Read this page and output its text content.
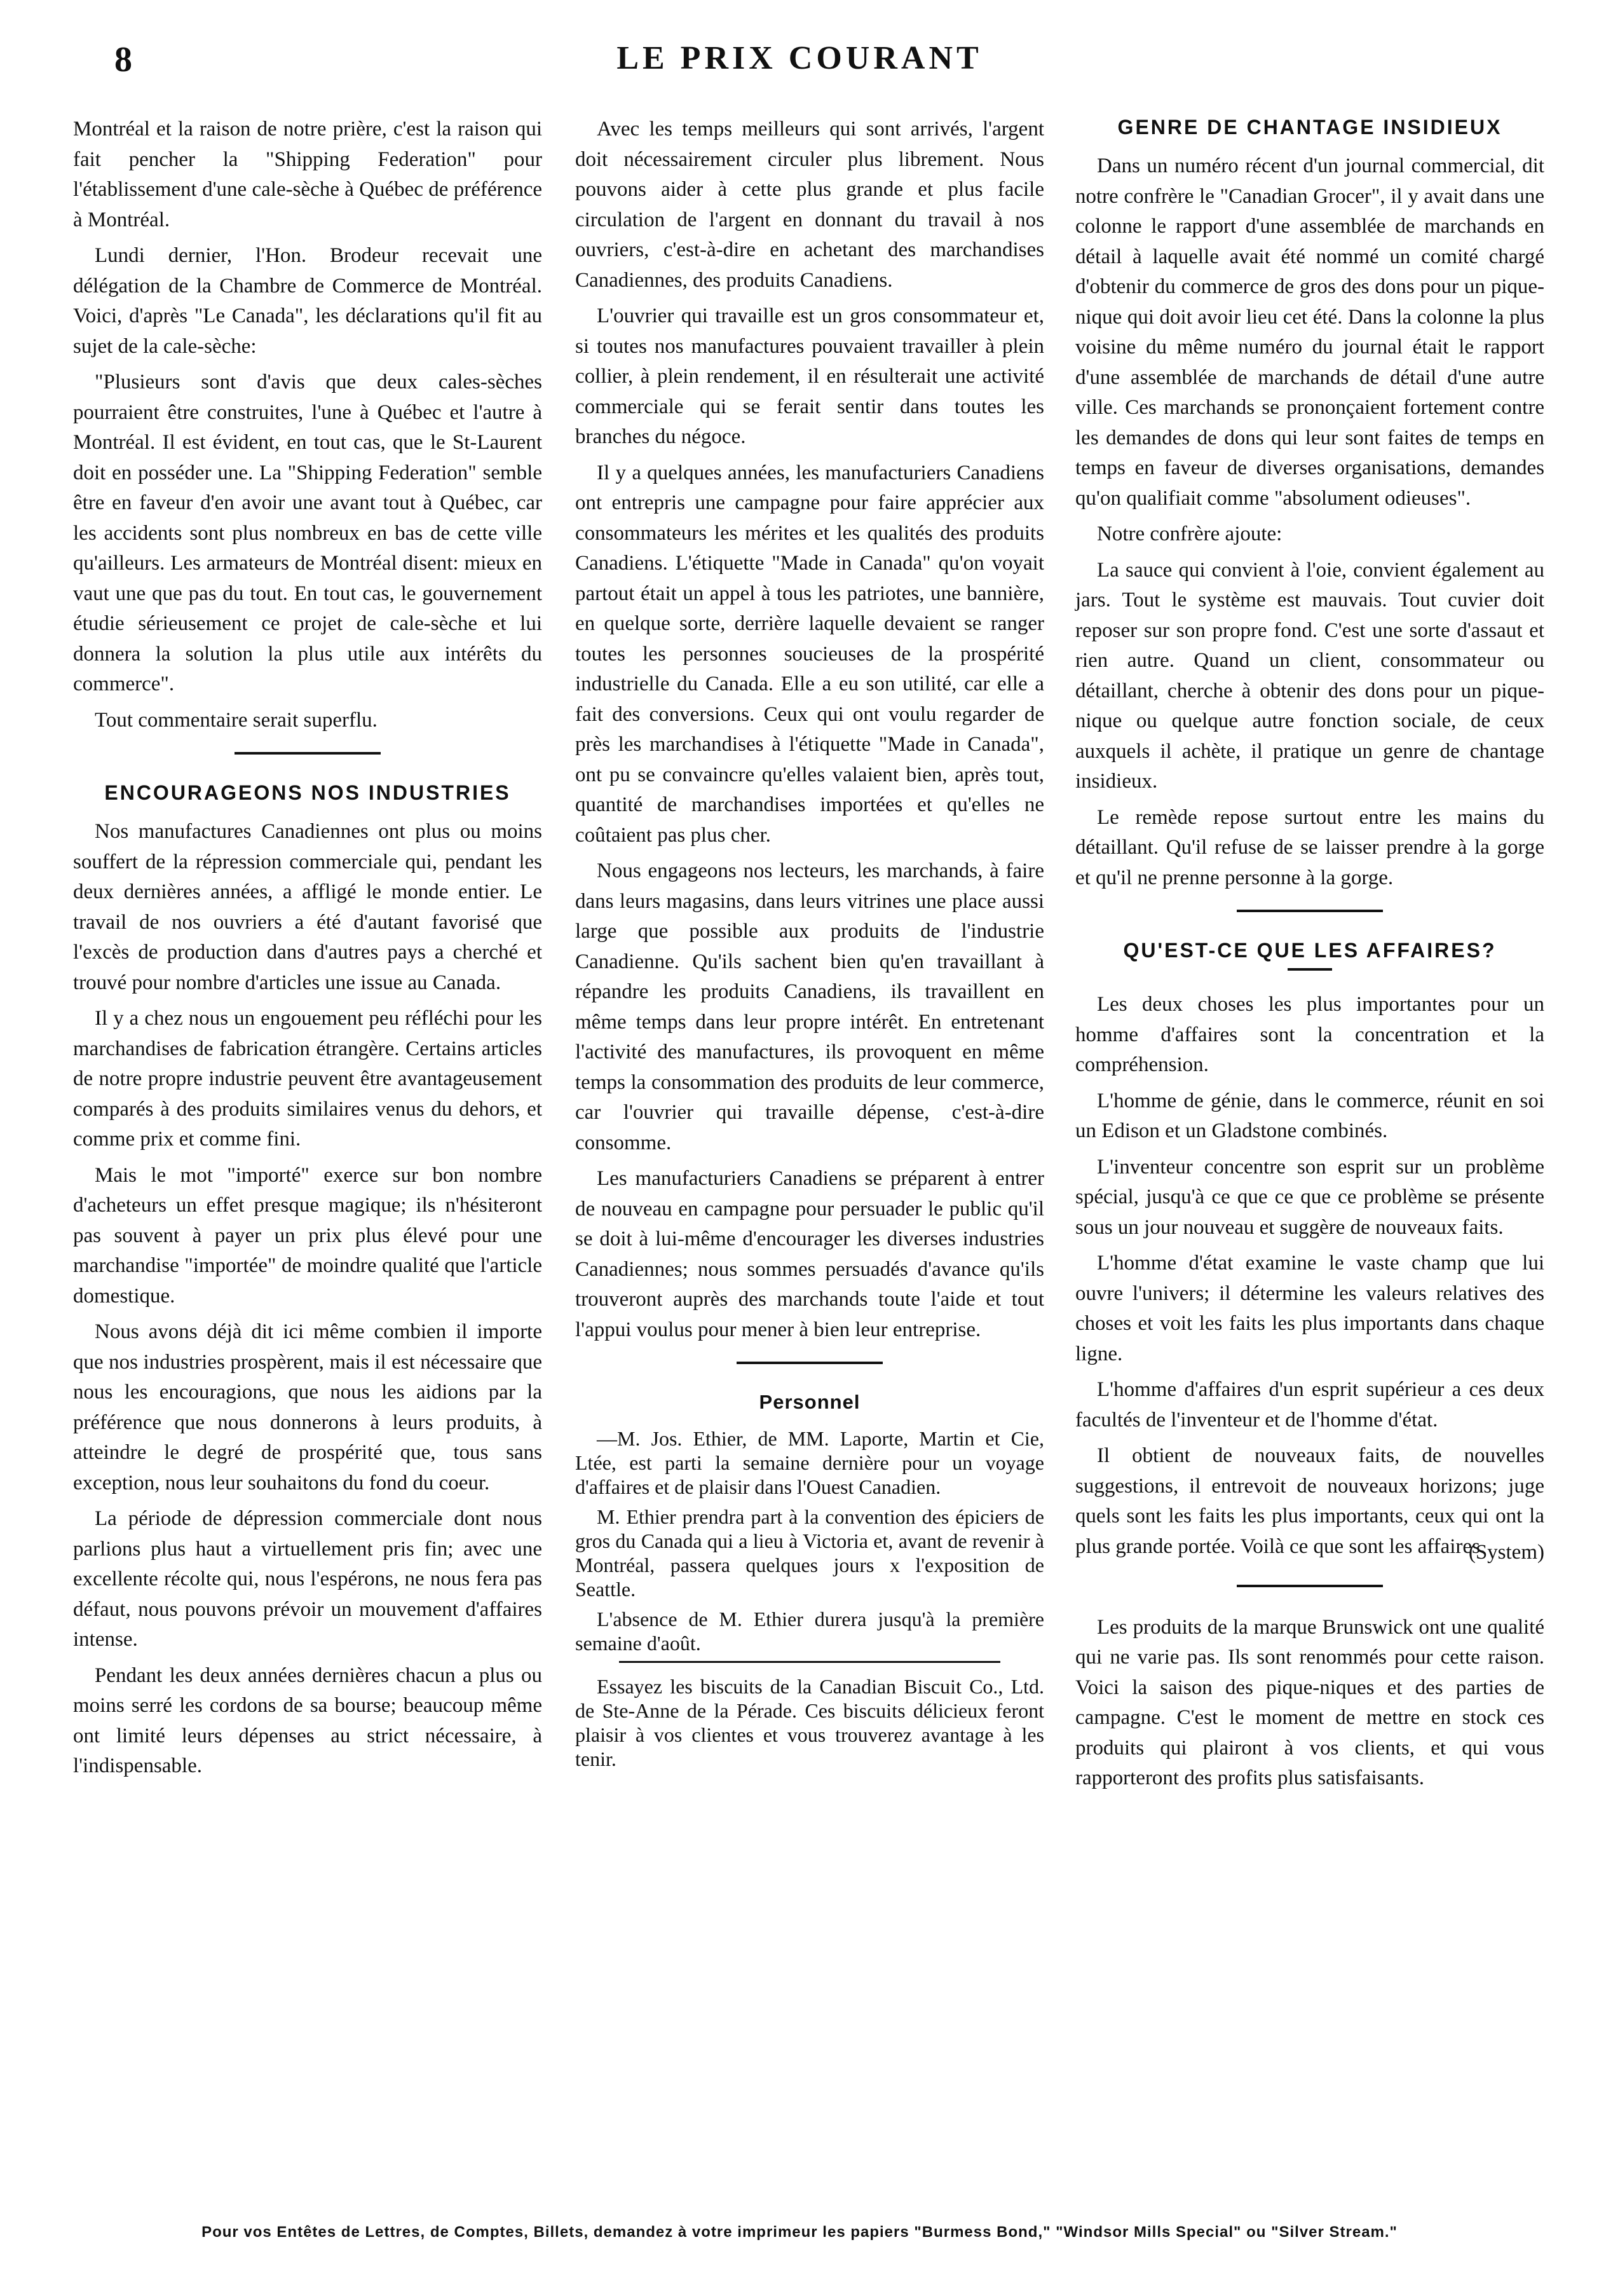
8	LE PRIX COURANT

Montréal et la raison de notre prière, c'est la raison qui fait pencher la "Shipping Federation" pour l'établissement d'une cale-sèche à Québec de préférence à Montréal.

Lundi dernier, l'Hon. Brodeur recevait une délégation de la Chambre de Commerce de Montréal. Voici, d'après "Le Canada", les déclarations qu'il fit au sujet de la cale-sèche:

"Plusieurs sont d'avis que deux cales-sèches pourraient être construites, l'une à Québec et l'autre à Montréal. Il est évident, en tout cas, que le St-Laurent doit en posséder une. La "Shipping Federation" semble être en faveur d'en avoir une avant tout à Québec, car les accidents sont plus nombreux en bas de cette ville qu'ailleurs. Les armateurs de Montréal disent: mieux en vaut une que pas du tout. En tout cas, le gouvernement étudie sérieusement ce projet de cale-sèche et lui donnera la solution la plus utile aux intérêts du commerce".

Tout commentaire serait superflu.

ENCOURAGEONS NOS INDUSTRIES

Nos manufactures Canadiennes ont plus ou moins souffert de la répression commerciale qui, pendant les deux dernières années, a affligé le monde entier. Le travail de nos ouvriers a été d'autant favorisé que l'excès de production dans d'autres pays a cherché et trouvé pour nombre d'articles une issue au Canada.

Il y a chez nous un engouement peu réfléchi pour les marchandises de fabrication étrangère. Certains articles de notre propre industrie peuvent être avantageusement comparés à des produits similaires venus du dehors, et comme prix et comme fini.

Mais le mot "importé" exerce sur bon nombre d'acheteurs un effet presque magique; ils n'hésiteront pas souvent à payer un prix plus élevé pour une marchandise "importée" de moindre qualité que l'article domestique.

Nous avons déjà dit ici même combien il importe que nos industries prospèrent, mais il est nécessaire que nous les encouragions, que nous les aidions par la préférence que nous donnerons à leurs produits, à atteindre le degré de prospérité que, tous sans exception, nous leur souhaitons du fond du coeur.

La période de dépression commerciale dont nous parlions plus haut a virtuellement pris fin; avec une excellente récolte qui, nous l'espérons, ne nous fera pas défaut, nous pouvons prévoir un mouvement d'affaires intense.

Pendant les deux années dernières chacun a plus ou moins serré les cordons de sa bourse; beaucoup même ont limité leurs dépenses au strict nécessaire, à l'indispensable.

Avec les temps meilleurs qui sont arrivés, l'argent doit nécessairement circuler plus librement. Nous pouvons aider à cette plus grande et plus facile circulation de l'argent en donnant du travail à nos ouvriers, c'est-à-dire en achetant des marchandises Canadiennes, des produits Canadiens.

L'ouvrier qui travaille est un gros consommateur et, si toutes nos manufactures pouvaient travailler à plein collier, à plein rendement, il en résulterait une activité commerciale qui se ferait sentir dans toutes les branches du négoce.

Il y a quelques années, les manufacturiers Canadiens ont entrepris une campagne pour faire apprécier aux consommateurs les mérites et les qualités des produits Canadiens. L'étiquette "Made in Canada" qu'on voyait partout était un appel à tous les patriotes, une bannière, en quelque sorte, derrière laquelle devaient se ranger toutes les personnes soucieuses de la prospérité industrielle du Canada. Elle a eu son utilité, car elle a fait des conversions. Ceux qui ont voulu regarder de près les marchandises à l'étiquette "Made in Canada", ont pu se convaincre qu'elles valaient bien, après tout, quantité de marchandises importées et qu'elles ne coûtaient pas plus cher.

Nous engageons nos lecteurs, les marchands, à faire dans leurs magasins, dans leurs vitrines une place aussi large que possible aux produits de l'industrie Canadienne. Qu'ils sachent bien qu'en travaillant à répandre les produits Canadiens, ils travaillent en même temps dans leur propre intérêt. En entretenant l'activité des manufactures, ils provoquent en même temps la consommation des produits de leur commerce, car l'ouvrier qui travaille dépense, c'est-à-dire consomme.

Les manufacturiers Canadiens se préparent à entrer de nouveau en campagne pour persuader le public qu'il se doit à lui-même d'encourager les diverses industries Canadiennes; nous sommes persuadés d'avance qu'ils trouveront auprès des marchands toute l'aide et tout l'appui voulus pour mener à bien leur entreprise.

Personnel

—M. Jos. Ethier, de MM. Laporte, Martin et Cie, Ltée, est parti la semaine dernière pour un voyage d'affaires et de plaisir dans l'Ouest Canadien.

M. Ethier prendra part à la convention des épiciers de gros du Canada qui a lieu à Victoria et, avant de revenir à Montréal, passera quelques jours x l'exposition de Seattle.

L'absence de M. Ethier durera jusqu'à la première semaine d'août.

Essayez les biscuits de la Canadian Biscuit Co., Ltd. de Ste-Anne de la Pérade. Ces biscuits délicieux feront plaisir à vos clientes et vous trouverez avantage à les tenir.

GENRE DE CHANTAGE INSIDIEUX

Dans un numéro récent d'un journal commercial, dit notre confrère le "Canadian Grocer", il y avait dans une colonne le rapport d'une assemblée de marchands en détail à laquelle avait été nommé un comité chargé d'obtenir du commerce de gros des dons pour un pique-nique qui doit avoir lieu cet été. Dans la colonne la plus voisine du même numéro du journal était le rapport d'une assemblée de marchands de détail d'une autre ville. Ces marchands se prononçaient fortement contre les demandes de dons qui leur sont faites de temps en temps en faveur de diverses organisations, demandes qu'on qualifiait comme "absolument odieuses".

Notre confrère ajoute:

La sauce qui convient à l'oie, convient également au jars. Tout le système est mauvais. Tout cuvier doit reposer sur son propre fond. C'est une sorte d'assaut et rien autre. Quand un client, consommateur ou détaillant, cherche à obtenir des dons pour un pique-nique ou quelque autre fonction sociale, de ceux auxquels il achète, il pratique un genre de chantage insidieux.

Le remède repose surtout entre les mains du détaillant. Qu'il refuse de se laisser prendre à la gorge et qu'il ne prenne personne à la gorge.

QU'EST-CE QUE LES AFFAIRES?

Les deux choses les plus importantes pour un homme d'affaires sont la concentration et la compréhension.

L'homme de génie, dans le commerce, réunit en soi un Edison et un Gladstone combinés.

L'inventeur concentre son esprit sur un problème spécial, jusqu'à ce que ce que ce problème se présente sous un jour nouveau et suggère de nouveaux faits.

L'homme d'état examine le vaste champ que lui ouvre l'univers; il détermine les valeurs relatives des choses et voit les faits les plus importants dans chaque ligne.

L'homme d'affaires d'un esprit supérieur a ces deux facultés de l'inventeur et de l'homme d'état.

Il obtient de nouveaux faits, de nouvelles suggestions, il entrevoit de nouveaux horizons; juge quels sont les faits les plus importants, ceux qui ont la plus grande portée. Voilà ce que sont les affaires.

(System)

Les produits de la marque Brunswick ont une qualité qui ne varie pas. Ils sont renommés pour cette raison. Voici la saison des pique-niques et des parties de campagne. C'est le moment de mettre en stock ces produits qui plairont à vos clients, et qui vous rapporteront des profits plus satisfaisants.

Pour vos Entêtes de Lettres, de Comptes, Billets, demandez à votre imprimeur les papiers "Burmess Bond," "Windsor Mills Special" ou "Silver Stream."
